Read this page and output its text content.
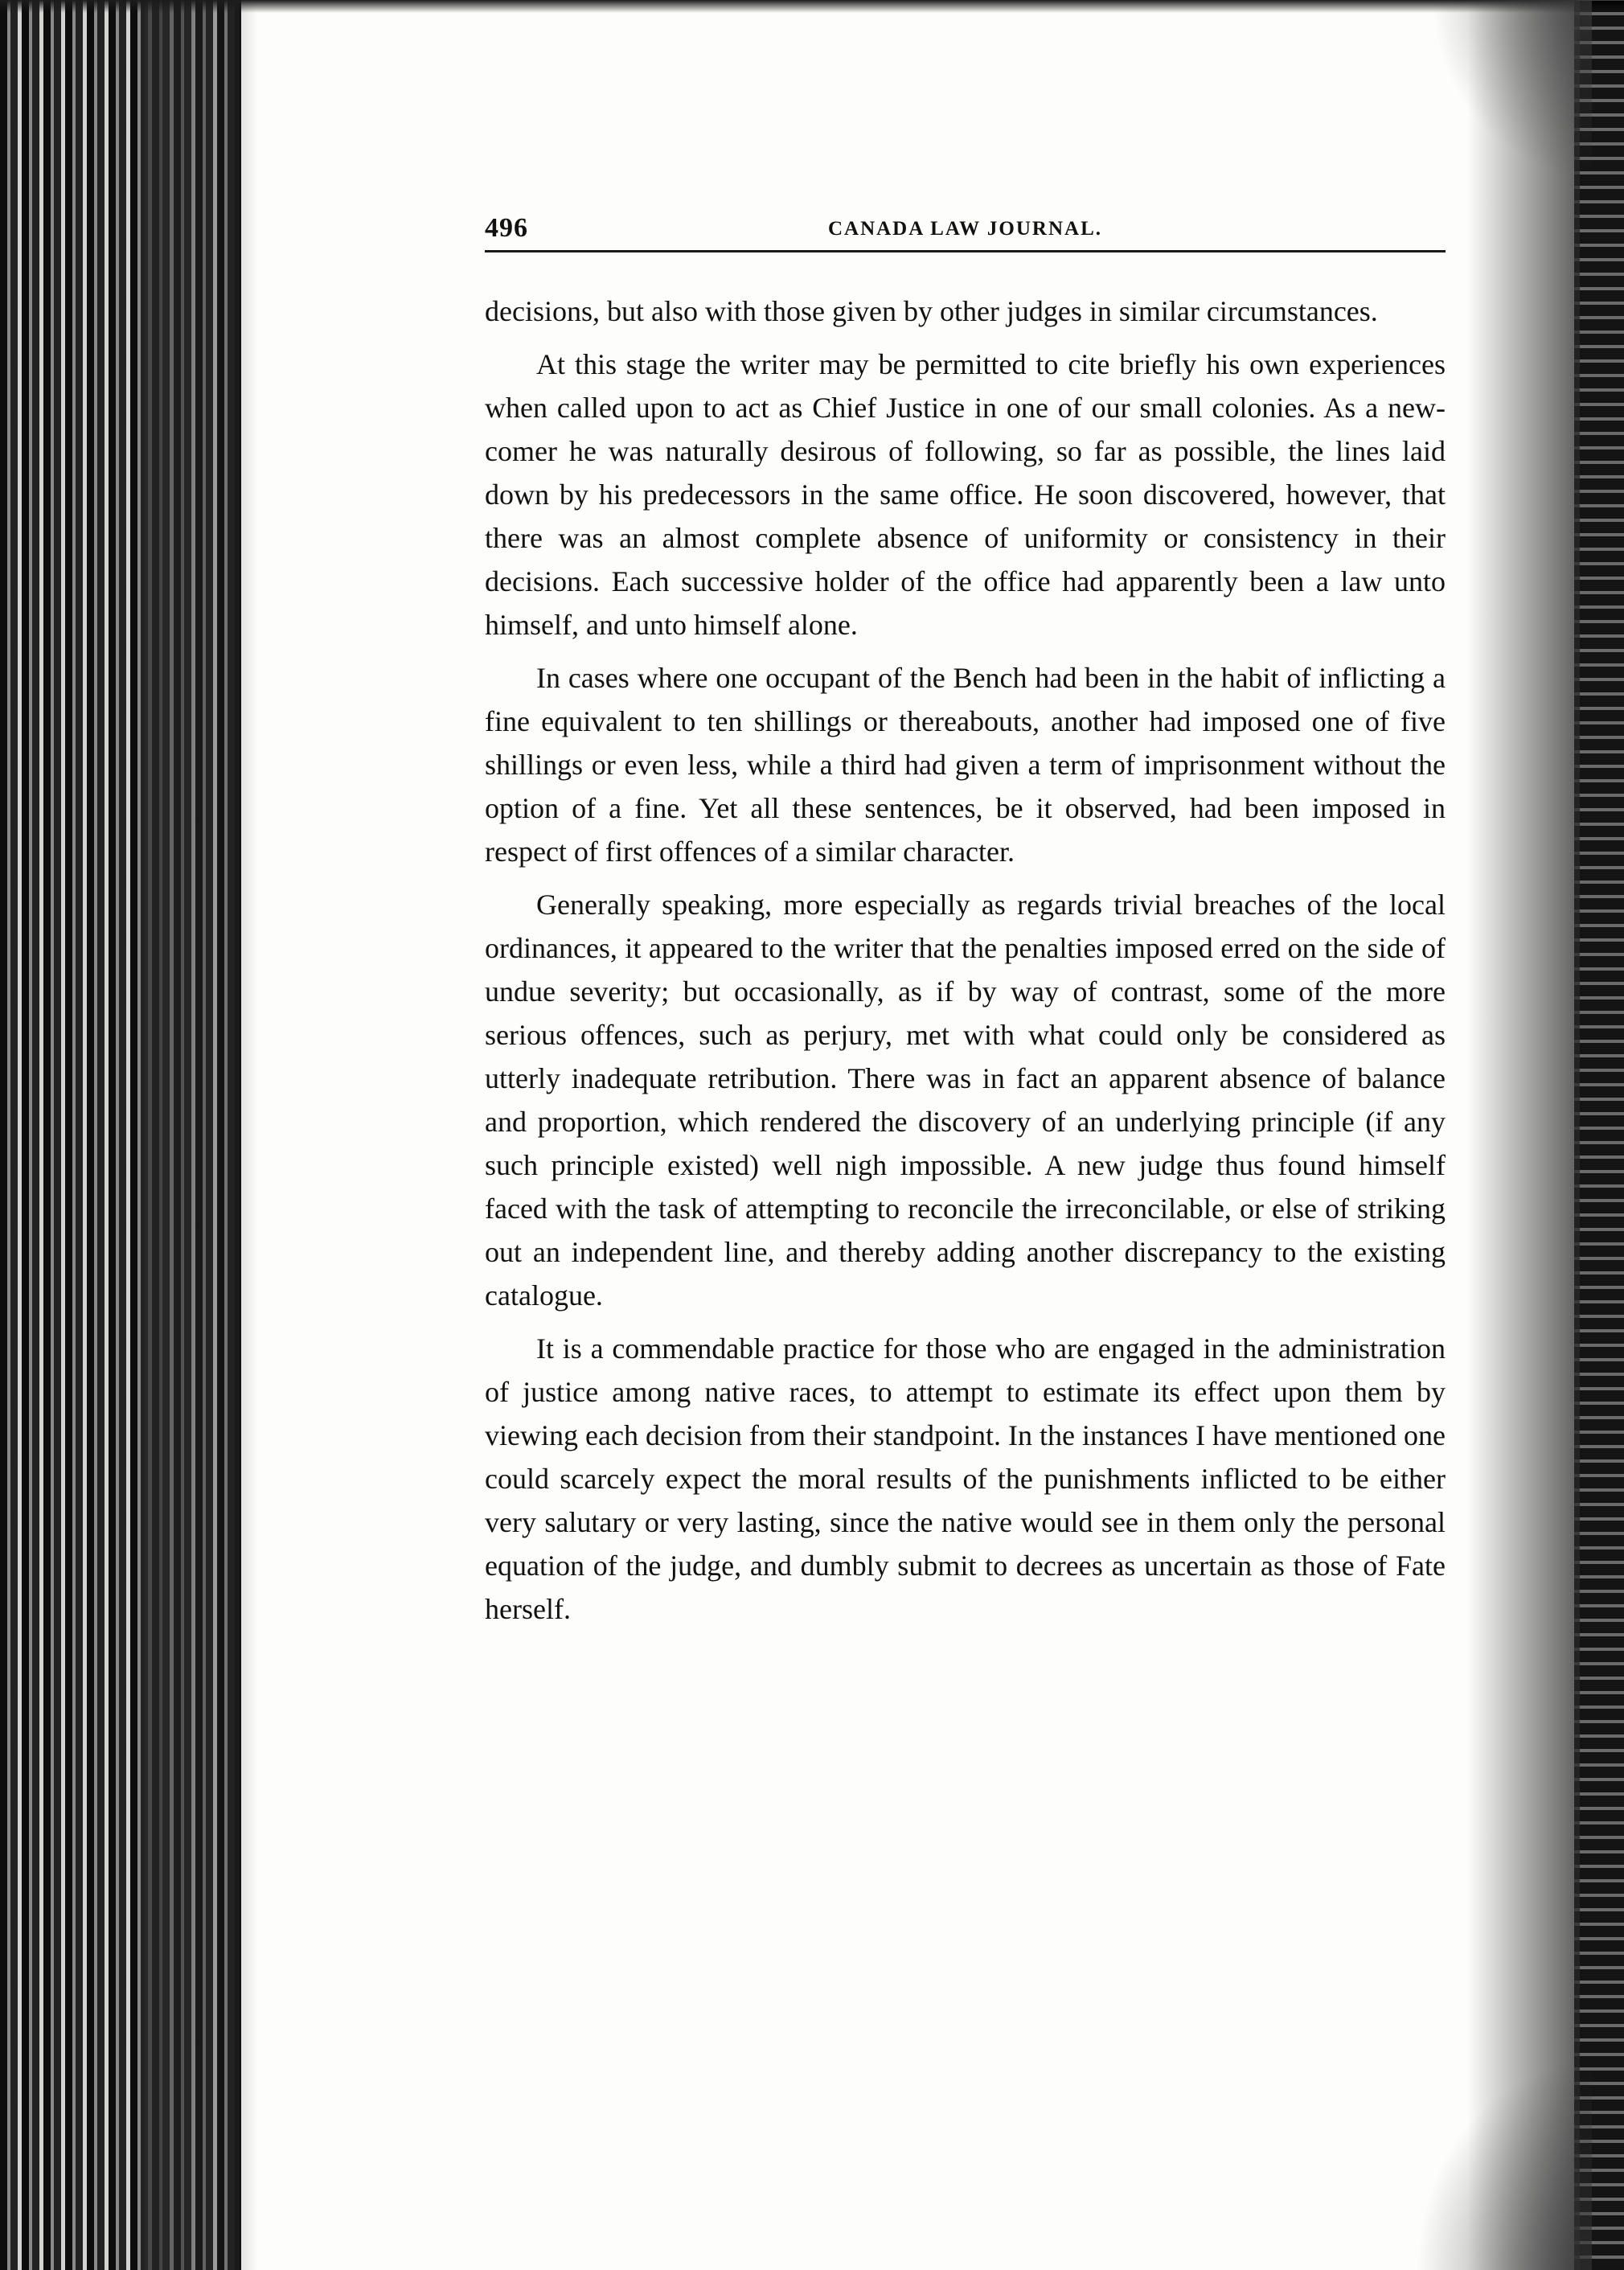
496	CANADA LAW JOURNAL.

decisions, but also with those given by other judges in similar circumstances.

At this stage the writer may be permitted to cite briefly his own experiences when called upon to act as Chief Justice in one of our small colonies. As a new-comer he was naturally desirous of following, so far as possible, the lines laid down by his predecessors in the same office. He soon discovered, however, that there was an almost complete absence of uniformity or consistency in their decisions. Each successive holder of the office had apparently been a law unto himself, and unto himself alone.

In cases where one occupant of the Bench had been in the habit of inflicting a fine equivalent to ten shillings or thereabouts, another had imposed one of five shillings or even less, while a third had given a term of imprisonment without the option of a fine. Yet all these sentences, be it observed, had been imposed in respect of first offences of a similar character.

Generally speaking, more especially as regards trivial breaches of the local ordinances, it appeared to the writer that the penalties imposed erred on the side of undue severity; but occasionally, as if by way of contrast, some of the more serious offences, such as perjury, met with what could only be considered as utterly inadequate retribution. There was in fact an apparent absence of balance and proportion, which rendered the discovery of an underlying principle (if any such principle existed) well nigh impossible. A new judge thus found himself faced with the task of attempting to reconcile the irreconcilable, or else of striking out an independent line, and thereby adding another discrepancy to the existing catalogue.

It is a commendable practice for those who are engaged in the administration of justice among native races, to attempt to estimate its effect upon them by viewing each decision from their standpoint. In the instances I have mentioned one could scarcely expect the moral results of the punishments inflicted to be either very salutary or very lasting, since the native would see in them only the personal equation of the judge, and dumbly submit to decrees as uncertain as those of Fate herself.
